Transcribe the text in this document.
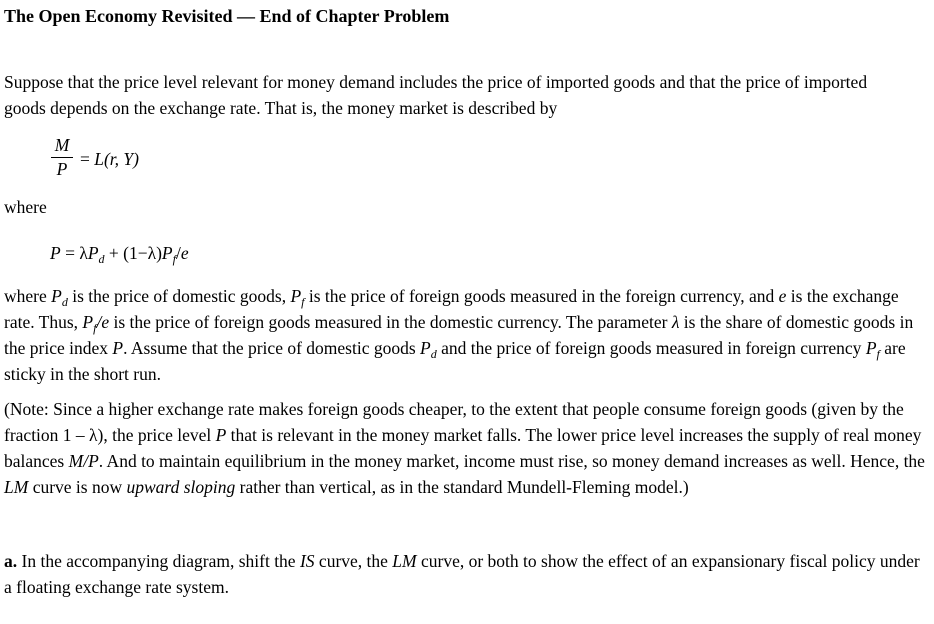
The Open Economy Revisited — End of Chapter Problem
Suppose that the price level relevant for money demand includes the price of imported goods and that the price of imported
goods depends on the exchange rate. That is, the money market is described by
M
P = L(r, Y)
where
$P = \lambda P_d + (1-\lambda)P_f/e$
where $P_d$ is the price of domestic goods, $P_f$ is the price of foreign goods measured in the foreign currency, and e is the exchange rate. Thus, $P_f/e$ is the price of foreign goods measured in the domestic currency. The parameter λ is the share of domestic goods in the price index P. Assume that the price of domestic goods $P_d$ and the price of foreign goods measured in foreign currency $P_f$ are sticky in the short run.
(Note: Since a higher exchange rate makes foreign goods cheaper, to the extent that people consume foreign goods (given by the fraction 1 – λ), the price level P that is relevant in the money market falls. The lower price level increases the supply of real money balances M/P. And to maintain equilibrium in the money market, income must rise, so money demand increases as well. Hence, the LM curve is now upward sloping rather than vertical, as in the standard Mundell-Fleming model.)
a. In the accompanying diagram, shift the IS curve, the LM curve, or both to show the effect of an expansionary fiscal policy under a floating exchange rate system.
